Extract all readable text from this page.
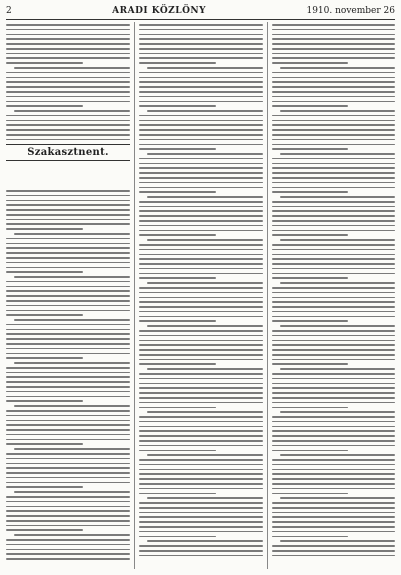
2	ARADI KÖZLÖNY	1910. november 26
Szakasztnent.
